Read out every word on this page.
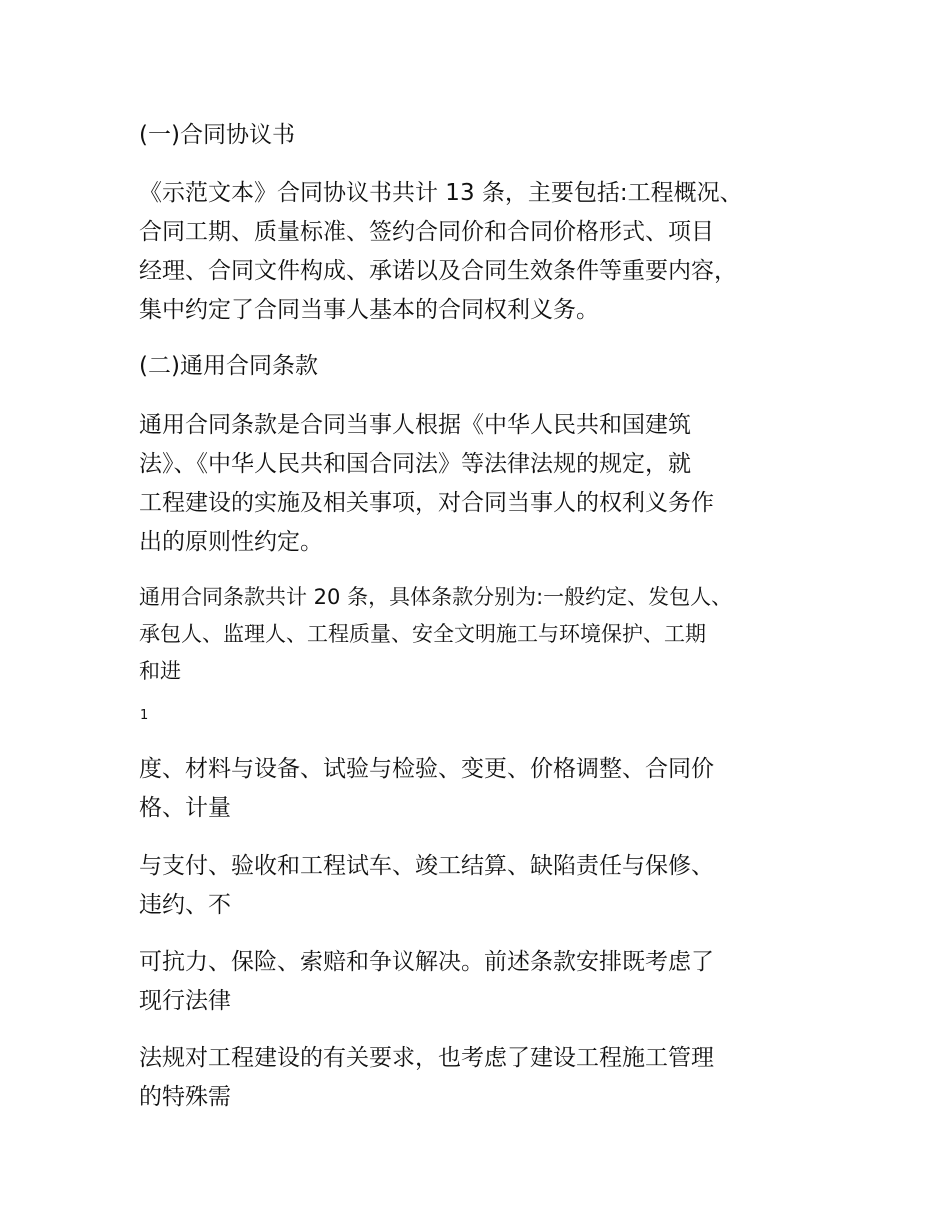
(一)合同协议书

《示范文本》合同协议书共计 13 条，主要包括:工程概况、
合同工期、质量标准、签约合同价和合同价格形式、项目
经理、合同文件构成、承诺以及合同生效条件等重要内容，
集中约定了合同当事人基本的合同权利义务。

(二)通用合同条款

通用合同条款是合同当事人根据《中华人民共和国建筑
法》、《中华人民共和国合同法》等法律法规的规定，就
工程建设的实施及相关事项，对合同当事人的权利义务作
出的原则性约定。
通用合同条款共计 20 条，具体条款分别为:一般约定、发包人、
承包人、监理人、工程质量、安全文明施工与环境保护、工期
和进

1

度、材料与设备、试验与检验、变更、价格调整、合同价
格、计量
与支付、验收和工程试车、竣工结算、缺陷责任与保修、
违约、不
可抗力、保险、索赔和争议解决。前述条款安排既考虑了
现行法律
法规对工程建设的有关要求，也考虑了建设工程施工管理
的特殊需
